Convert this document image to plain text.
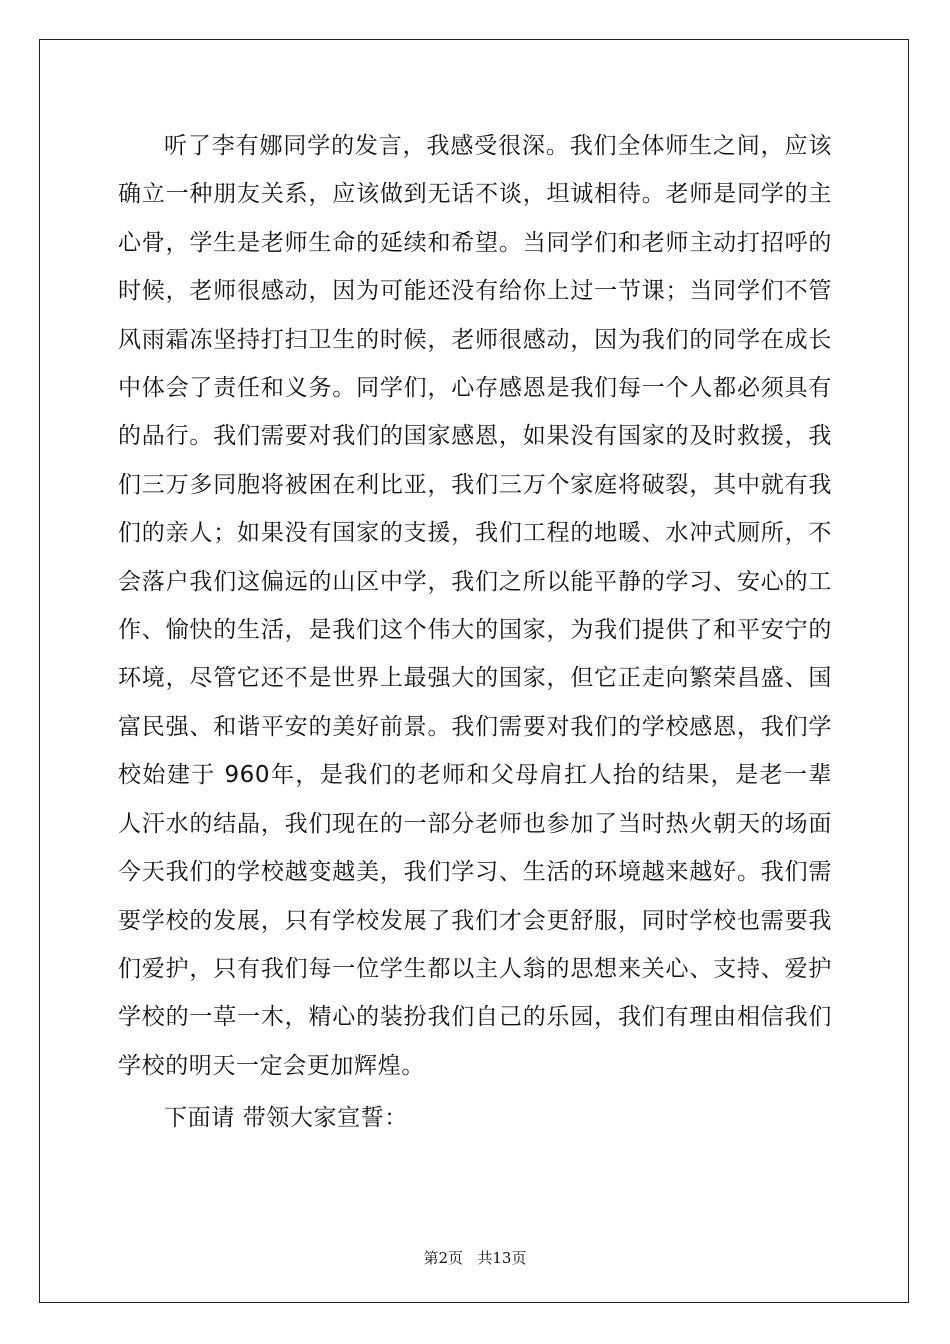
听了李有娜同学的发言，我感受很深。我们全体师生之间，应该确立一种朋友关系，应该做到无话不谈，坦诚相待。老师是同学的主心骨，学生是老师生命的延续和希望。当同学们和老师主动打招呼的时候，老师很感动，因为可能还没有给你上过一节课；当同学们不管风雨霜冻坚持打扫卫生的时候，老师很感动，因为我们的同学在成长中体会了责任和义务。同学们，心存感恩是我们每一个人都必须具有的品行。我们需要对我们的国家感恩，如果没有国家的及时救援，我们三万多同胞将被困在利比亚，我们三万个家庭将破裂，其中就有我们的亲人；如果没有国家的支援，我们工程的地暖、水冲式厕所，不会落户我们这偏远的山区中学，我们之所以能平静的学习、安心的工作、愉快的生活，是我们这个伟大的国家，为我们提供了和平安宁的环境，尽管它还不是世界上最强大的国家，但它正走向繁荣昌盛、国富民强、和谐平安的美好前景。我们需要对我们的学校感恩，我们学校始建于 960年，是我们的老师和父母肩扛人抬的结果，是老一辈人汗水的结晶，我们现在的一部分老师也参加了当时热火朝天的场面今天我们的学校越变越美，我们学习、生活的环境越来越好。我们需要学校的发展，只有学校发展了我们才会更舒服，同时学校也需要我们爱护，只有我们每一位学生都以主人翁的思想来关心、支持、爱护学校的一草一木，精心的装扮我们自己的乐园，我们有理由相信我们学校的明天一定会更加辉煌。

下面请 带领大家宣誓：

第2页 共13页
